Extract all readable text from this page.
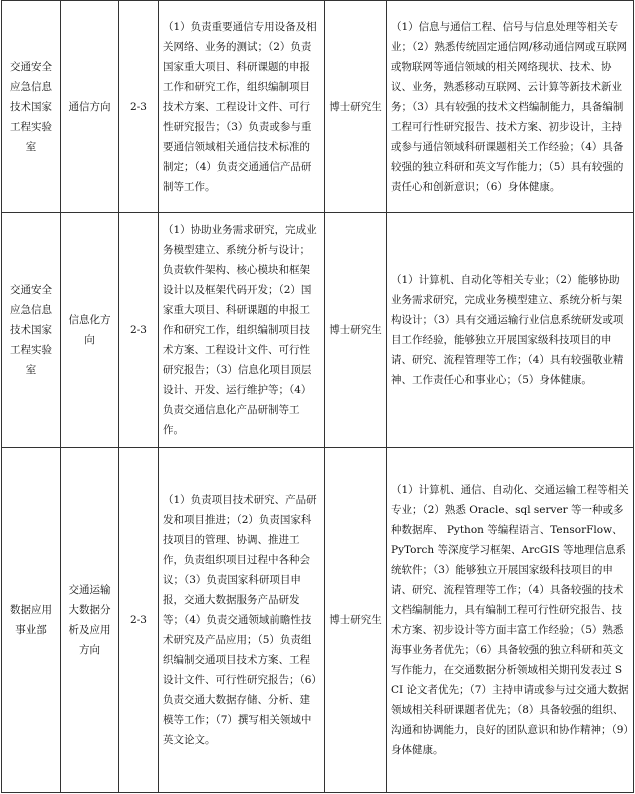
交通安全应急信息技术国家工程实验室	通信方向	2-3	（1）负责重要通信专用设备及相关网络、业务的测试；（2）负责国家重大项目、科研课题的申报工作和研究工作，组织编制项目技术方案、工程设计文件、可行性研究报告；（3）负责或参与重要通信领域相关通信技术标准的制定；（4）负责交通通信产品研制等工作。	博士研究生	（1）信息与通信工程、信号与信息处理等相关专业；（2）熟悉传统固定通信网/移动通信网或互联网或物联网等通信领域的相关网络现状、技术、协议、业务，熟悉移动互联网、云计算等新技术新业务；（3）具有较强的技术文档编制能力，具备编制工程可行性研究报告、技术方案、初步设计，主持或参与通信领域科研课题相关工作经验；（4）具备较强的独立科研和英文写作能力；（5）具有较强的责任心和创新意识；（6）身体健康。
交通安全应急信息技术国家工程实验室	信息化方向	2-3	（1）协助业务需求研究，完成业务模型建立、系统分析与设计；负责软件架构、核心模块和框架设计以及框架代码开发；（2）国家重大项目、科研课题的申报工作和研究工作，组织编制项目技术方案、工程设计文件、可行性研究报告；（3）信息化项目顶层设计、开发、运行维护等；（4）负责交通信息化产品研制等工作。	博士研究生	（1）计算机、自动化等相关专业；（2）能够协助业务需求研究，完成业务模型建立、系统分析与架构设计；（3）具有交通运输行业信息系统研发或项目工作经验，能够独立开展国家级科技项目的申请、研究、流程管理等工作；（4）具有较强敬业精神、工作责任心和事业心；（5）身体健康。
数据应用事业部	交通运输大数据分析及应用方向	2-3	（1）负责项目技术研究、产品研发和项目推进；（2）负责国家科技项目的管理、协调、推进工作，负责组织项目过程中各种会议；（3）负责国家科研项目申报，交通大数据服务产品研发等；（4）负责交通领域前瞻性技术研究及产品应用；（5）负责组织编制交通项目技术方案、工程设计文件、可行性研究报告；（6）负责交通大数据存储、分析、建模等工作；（7）撰写相关领域中英文论文。	博士研究生	（1）计算机、通信、自动化、交通运输工程等相关专业；（2）熟悉 Oracle、sql server 等一种或多种数据库、 Python 等编程语言、TensorFlow、PyTorch 等深度学习框架、ArcGIS 等地理信息系统软件；（3）能够独立开展国家级科技项目的申请、研究、流程管理等工作；（4）具备较强的技术文档编制能力，具有编制工程可行性研究报告、技术方案、初步设计等方面丰富工作经验；（5）熟悉海事业务者优先；（6）具备较强的独立科研和英文写作能力，在交通数据分析领域相关期刊发表过 SCI 论文者优先；（7）主持申请或参与过交通大数据领域相关科研课题者优先；（8）具备较强的组织、沟通和协调能力，良好的团队意识和协作精神；（9）身体健康。
